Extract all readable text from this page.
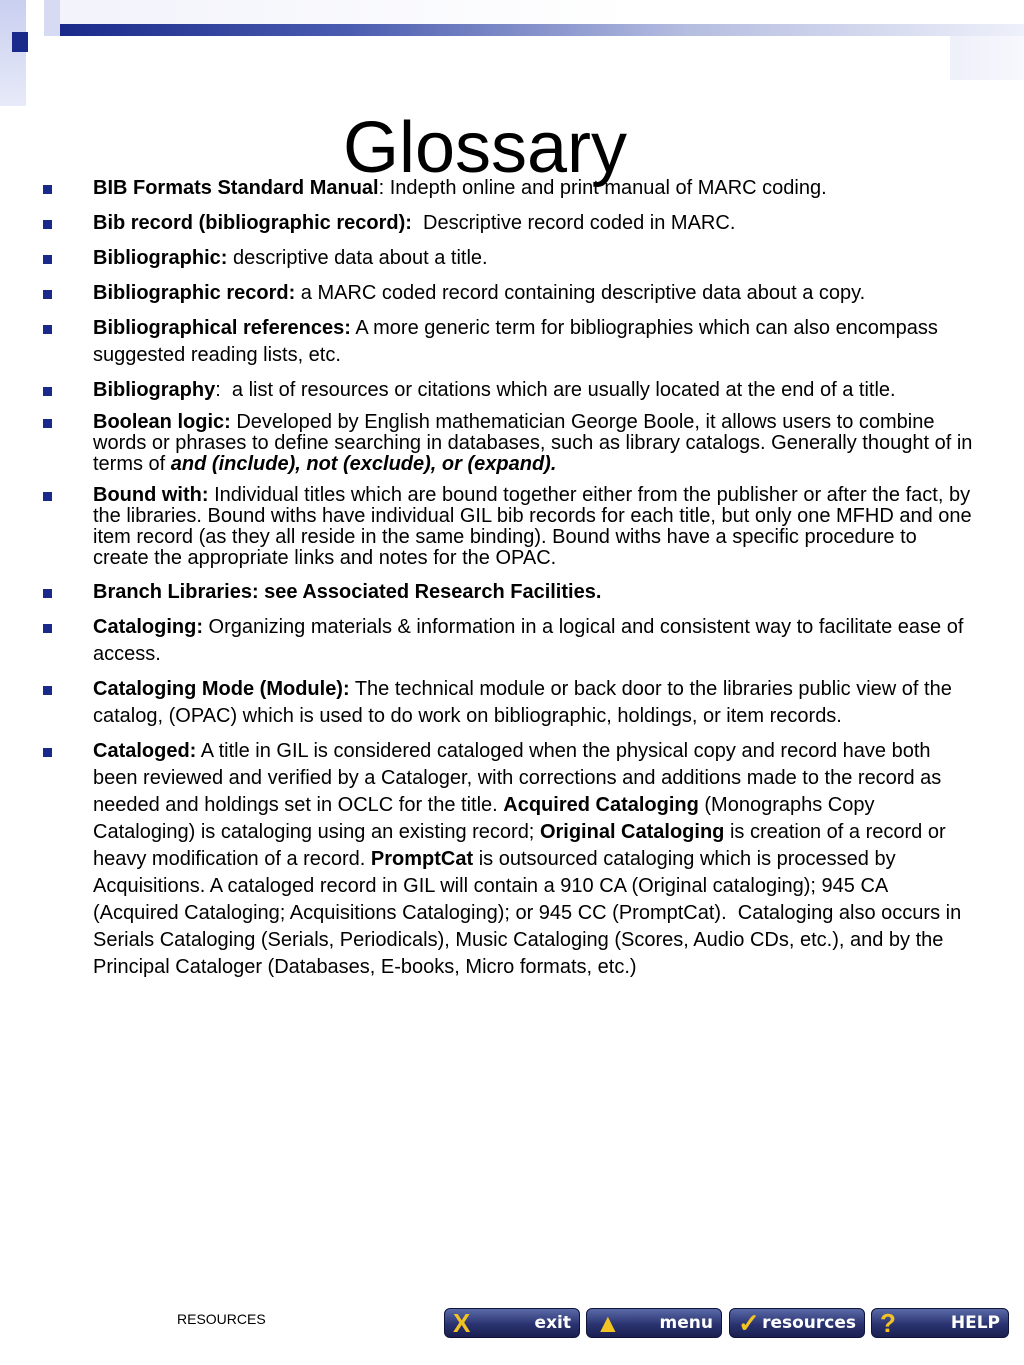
Glossary
BIB Formats Standard Manual: Indepth online and print manual of MARC coding.
Bib record (bibliographic record):  Descriptive record coded in MARC.
Bibliographic: descriptive data about a title.
Bibliographic record: a MARC coded record containing descriptive data about a copy.
Bibliographical references: A more generic term for bibliographies which can also encompass suggested reading lists, etc.
Bibliography:  a list of resources or citations which are usually located at the end of a title.
Boolean logic: Developed by English mathematician George Boole, it allows users to combine words or phrases to define searching in databases, such as library catalogs. Generally thought of in terms of and (include), not (exclude), or (expand).
Bound with: Individual titles which are bound together either from the publisher or after the fact, by the libraries. Bound withs have individual GIL bib records for each title, but only one MFHD and one item record (as they all reside in the same binding). Bound withs have a specific procedure to create the appropriate links and notes for the OPAC.
Branch Libraries: see Associated Research Facilities.
Cataloging: Organizing materials & information in a logical and consistent way to facilitate ease of access.
Cataloging Mode (Module): The technical module or back door to the libraries public view of the catalog, (OPAC) which is used to do work on bibliographic, holdings, or item records.
Cataloged: A title in GIL is considered cataloged when the physical copy and record have both been reviewed and verified by a Cataloger, with corrections and additions made to the record as needed and holdings set in OCLC for the title. Acquired Cataloging (Monographs Copy Cataloging) is cataloging using an existing record; Original Cataloging is creation of a record or heavy modification of a record. PromptCat is outsourced cataloging which is processed by Acquisitions. A cataloged record in GIL will contain a 910 CA (Original cataloging); 945 CA (Acquired Cataloging; Acquisitions Cataloging); or 945 CC (PromptCat).  Cataloging also occurs in Serials Cataloging (Serials, Periodicals), Music Cataloging (Scores, Audio CDs, etc.), and by the Principal Cataloger (Databases, E-books, Micro formats, etc.)
RESOURCES	X	exit ▲ menu ✓ resources ?	HELP
